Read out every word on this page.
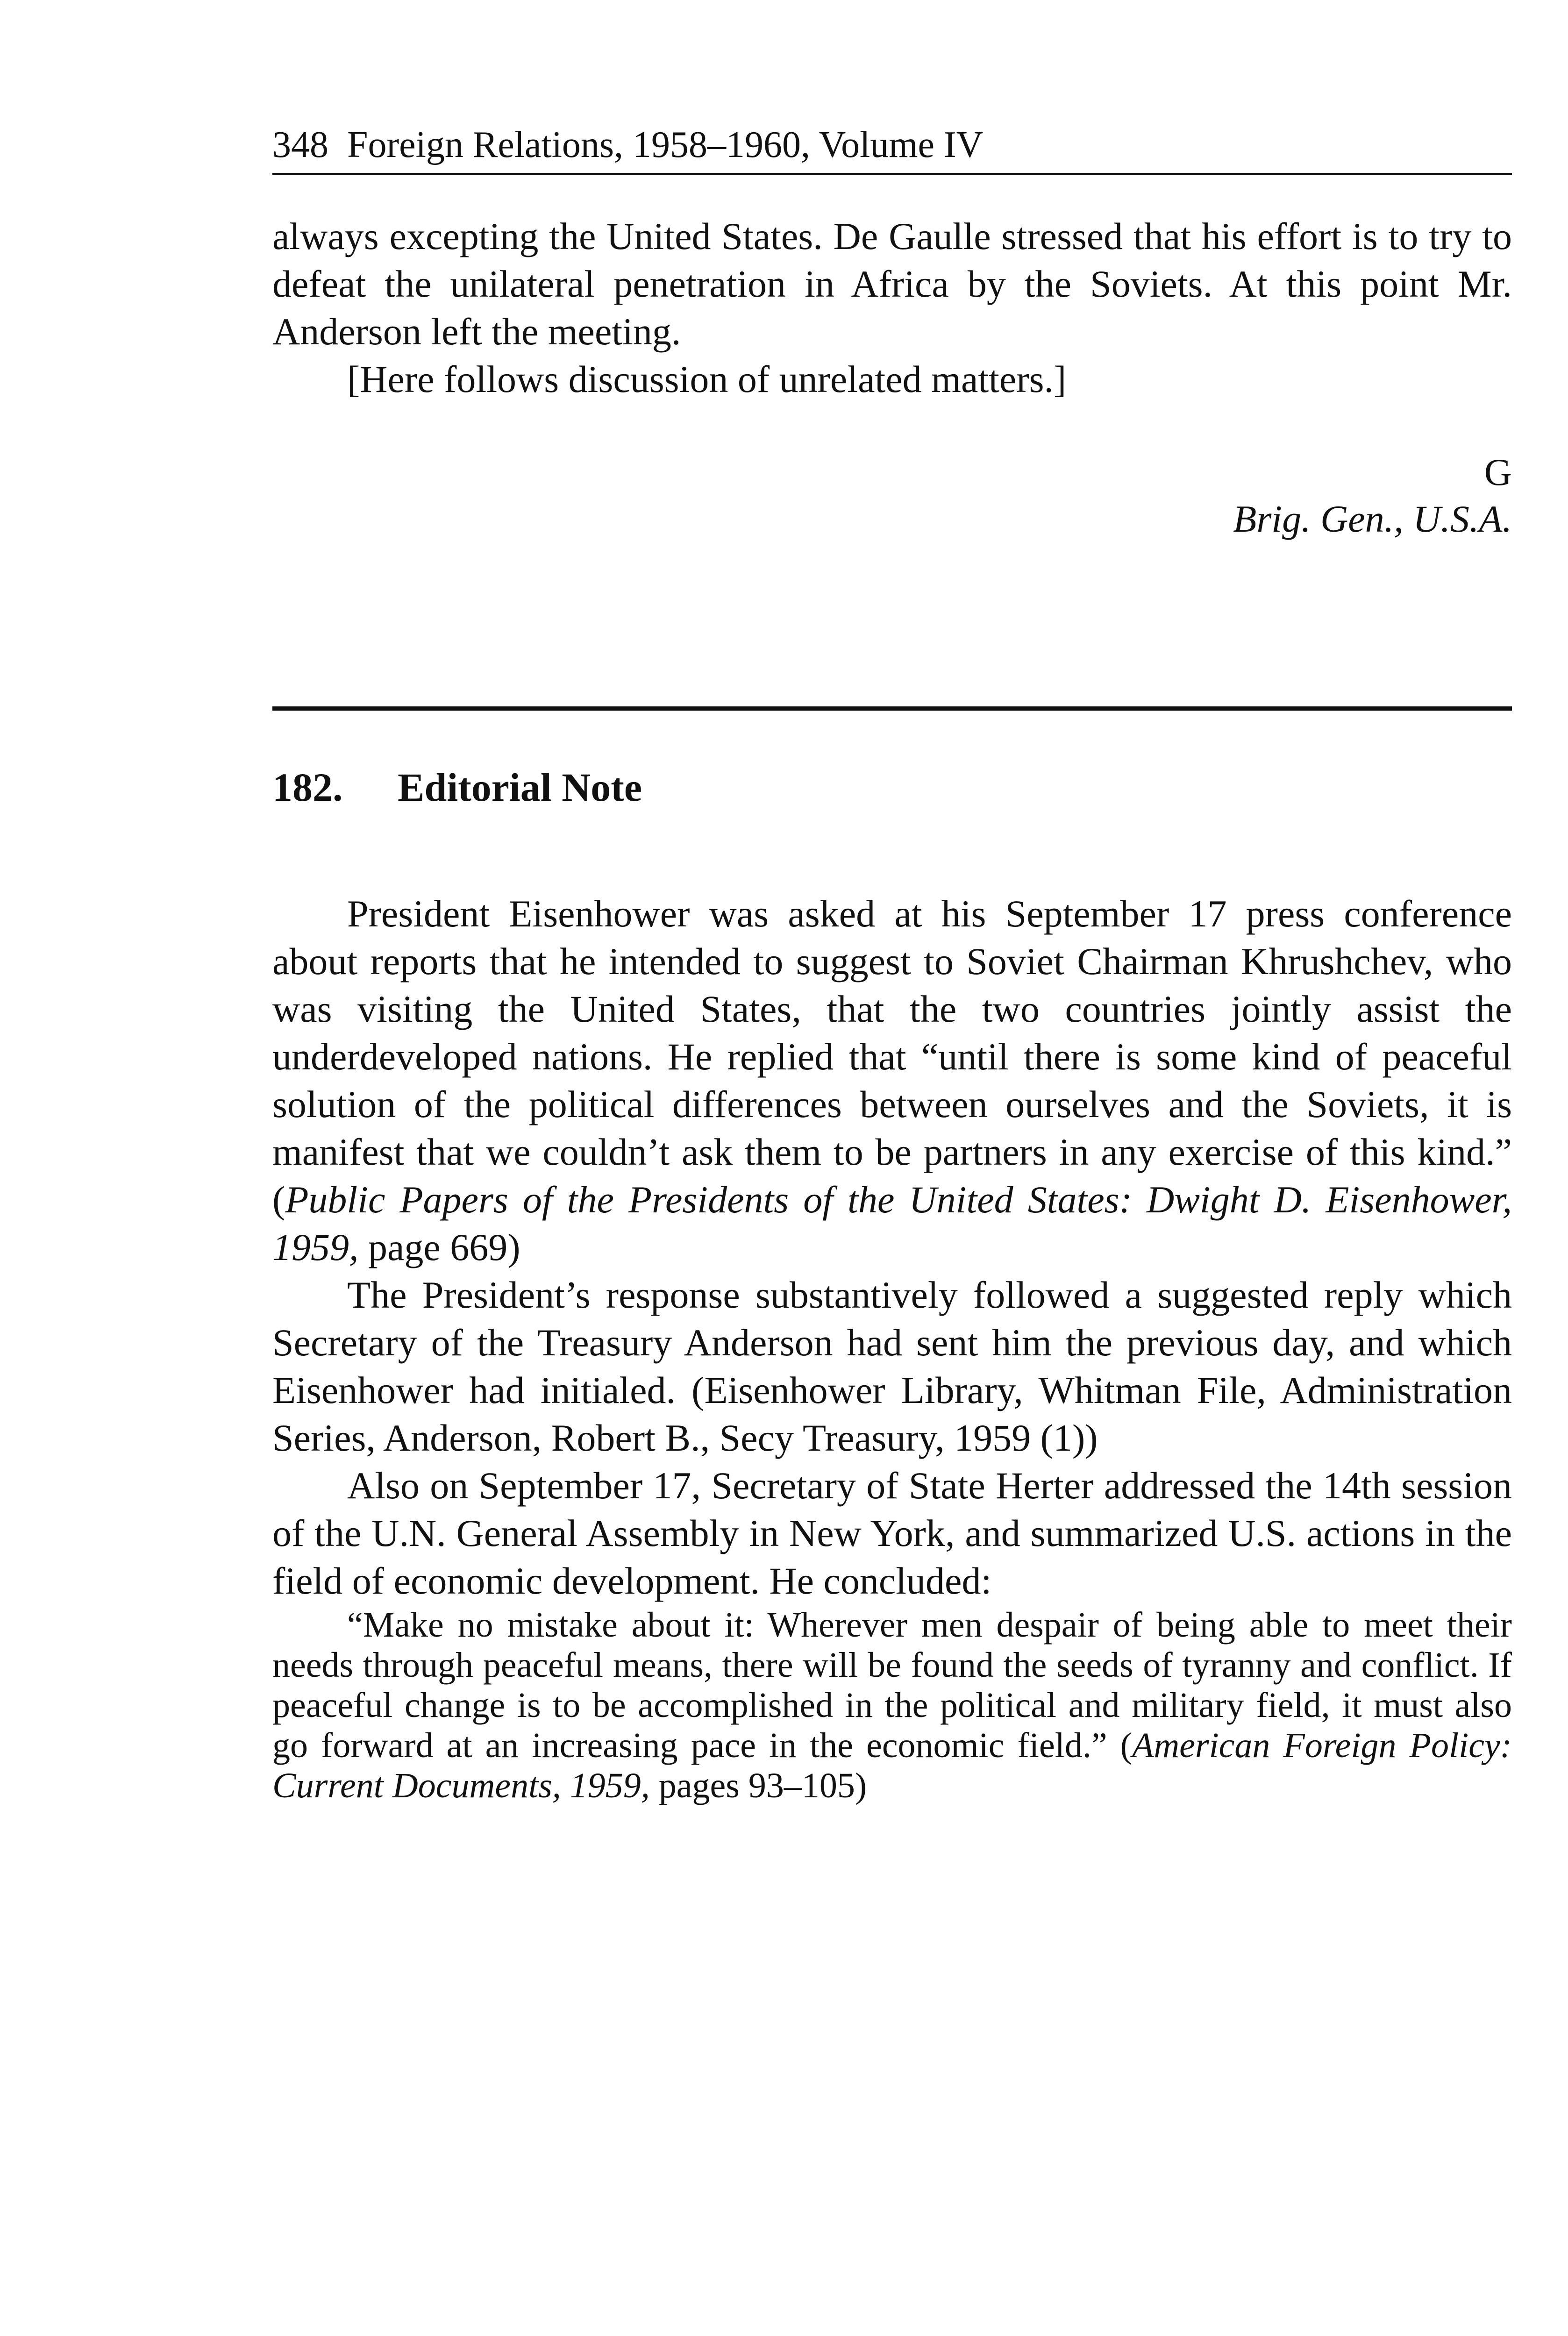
348 Foreign Relations, 1958–1960, Volume IV

always excepting the United States. De Gaulle stressed that his effort is to try to defeat the unilateral penetration in Africa by the Soviets. At this point Mr. Anderson left the meeting.

[Here follows discussion of unrelated matters.]

G
Brig. Gen., U.S.A.
182. Editorial Note

President Eisenhower was asked at his September 17 press conference about reports that he intended to suggest to Soviet Chairman Khrushchev, who was visiting the United States, that the two countries jointly assist the underdeveloped nations. He replied that “until there is some kind of peaceful solution of the political differences between ourselves and the Soviets, it is manifest that we couldn’t ask them to be partners in any exercise of this kind.” (Public Papers of the Presidents of the United States: Dwight D. Eisenhower, 1959, page 669)

The President’s response substantively followed a suggested reply which Secretary of the Treasury Anderson had sent him the previous day, and which Eisenhower had initialed. (Eisenhower Library, Whitman File, Administration Series, Anderson, Robert B., Secy Treasury, 1959 (1))

Also on September 17, Secretary of State Herter addressed the 14th session of the U.N. General Assembly in New York, and summarized U.S. actions in the field of economic development. He concluded:

“Make no mistake about it: Wherever men despair of being able to meet their needs through peaceful means, there will be found the seeds of tyranny and conflict. If peaceful change is to be accomplished in the political and military field, it must also go forward at an increasing pace in the economic field.” (American Foreign Policy: Current Documents, 1959, pages 93–105)
